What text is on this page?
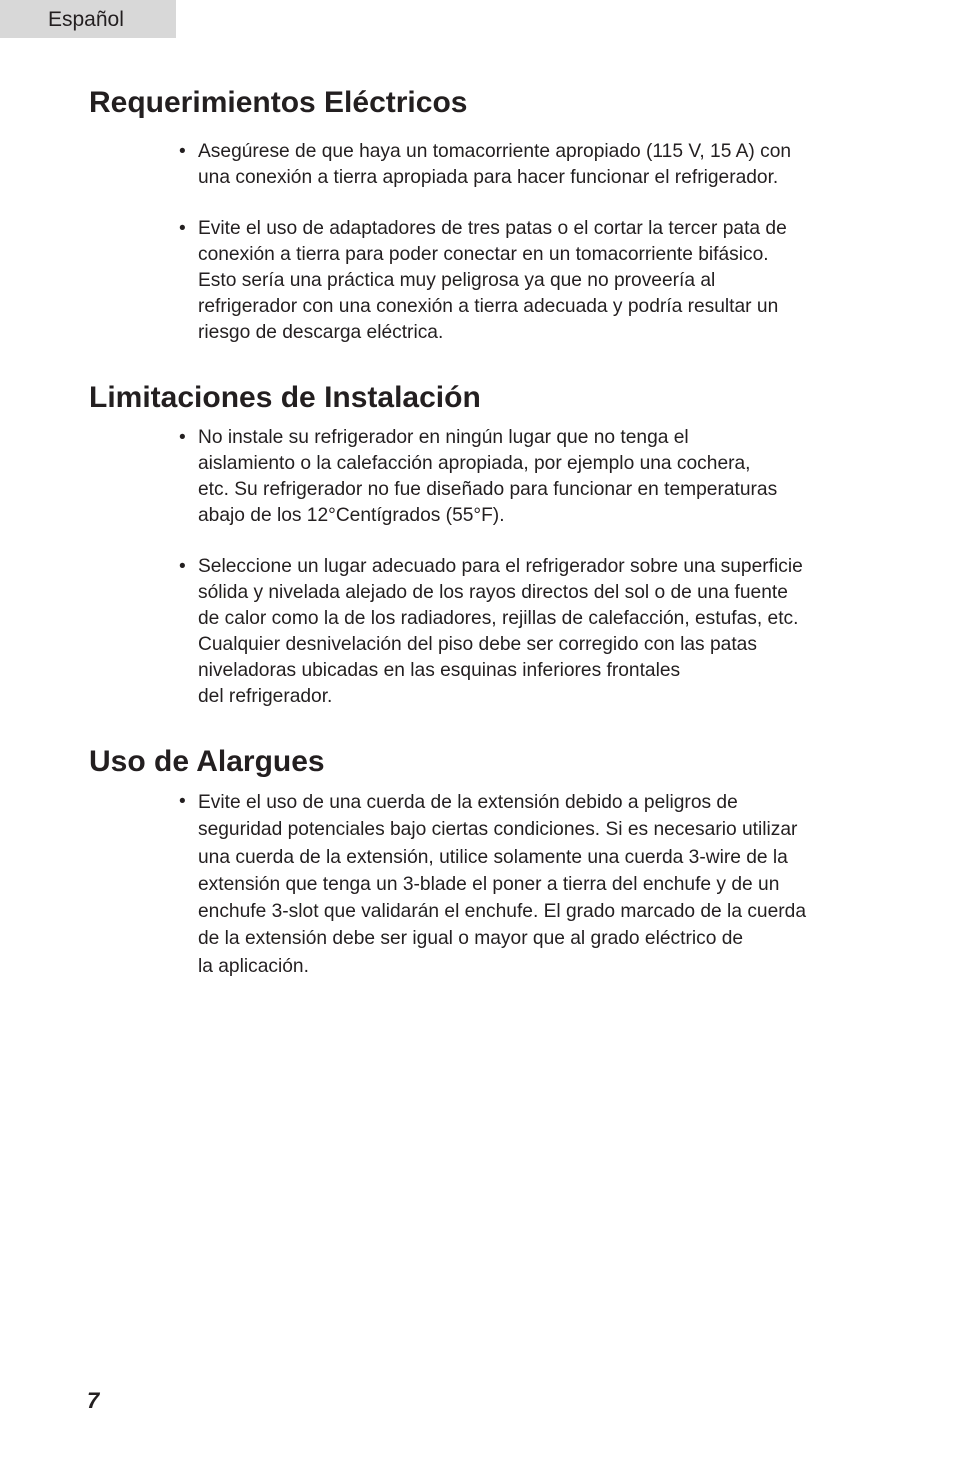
Español
Requerimientos Eléctricos
• Asegúrese de que haya un tomacorriente apropiado (115 V, 15 A) con
una conexión a tierra apropiada para hacer funcionar el refrigerador.
• Evite el uso de adaptadores de tres patas o el cortar la tercer pata de
conexión a tierra para poder conectar en un tomacorriente bifásico.
Esto sería una práctica muy peligrosa ya que no proveería al
refrigerador con una conexión a tierra adecuada y podría resultar un
riesgo de descarga eléctrica.
Limitaciones de Instalación
• No instale su refrigerador en ningún lugar que no tenga el
aislamiento o la calefacción apropiada, por ejemplo una cochera,
etc. Su refrigerador no fue diseñado para funcionar en temperaturas
abajo de los 12°Centígrados (55°F).
• Seleccione un lugar adecuado para el refrigerador sobre una superficie
sólida y nivelada alejado de los rayos directos del sol o de una fuente
de calor como la de los radiadores, rejillas de calefacción, estufas, etc.
Cualquier desnivelación del piso debe ser corregido con las patas
niveladoras ubicadas en las esquinas inferiores frontales
del refrigerador.
Uso de Alargues
• Evite el uso de una cuerda de la extensión debido a peligros de
seguridad potenciales bajo ciertas condiciones. Si es necesario utilizar
una cuerda de la extensión, utilice solamente una cuerda 3-wire de la
extensión que tenga un 3-blade el poner a tierra del enchufe y de un
enchufe 3-slot que validarán el enchufe. El grado marcado de la cuerda
de la extensión debe ser igual o mayor que al grado eléctrico de
la aplicación.
7
